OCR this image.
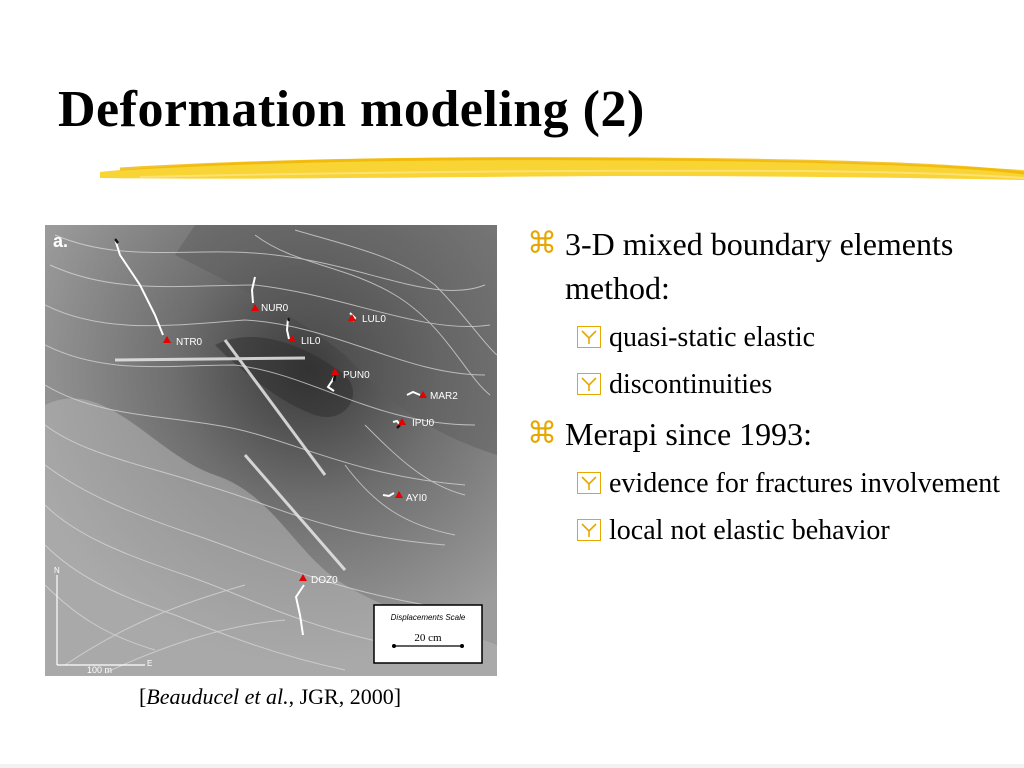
Deformation modeling (2)
NTR0
NUR0
LIL0
LUL0
PUN0
MAR2
IPU0
AYI0
DOZ0
a.
N
E
100 m
Displacements Scale
20 cm
[Beauducel et al., JGR, 2000]
⌘ 3-D mixed boundary elements method:
quasi-static elastic
discontinuities
⌘ Merapi since 1993:
evidence for fractures involvement
local not elastic behavior
